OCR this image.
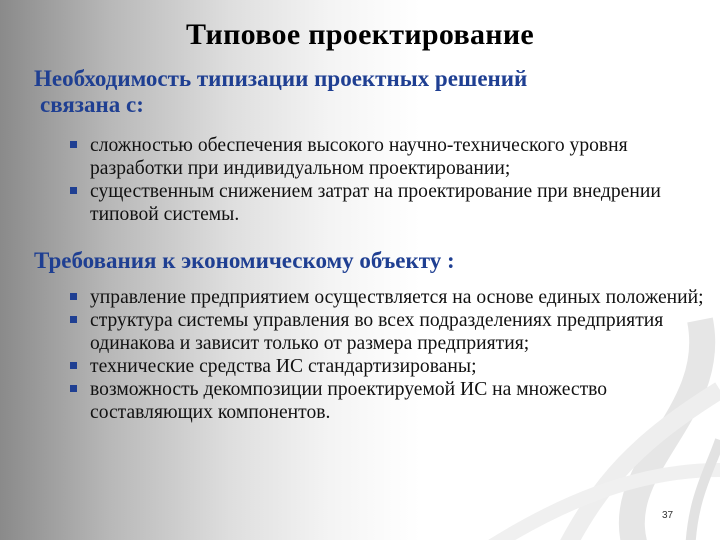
Типовое проектирование
Необходимость типизации проектных решений
связана с:
сложностью обеспечения высокого научно-технического уровня разработки при индивидуальном проектировании;
существенным снижением затрат на проектирование при внедрении типовой системы.
Требования к экономическому объекту :
управление предприятием осуществляется на основе единых положений;
структура системы управления во всех подразделениях предприятия одинакова и зависит только от размера предприятия;
технические средства ИС стандартизированы;
возможность декомпозиции проектируемой ИС на множество составляющих компонентов.
37
